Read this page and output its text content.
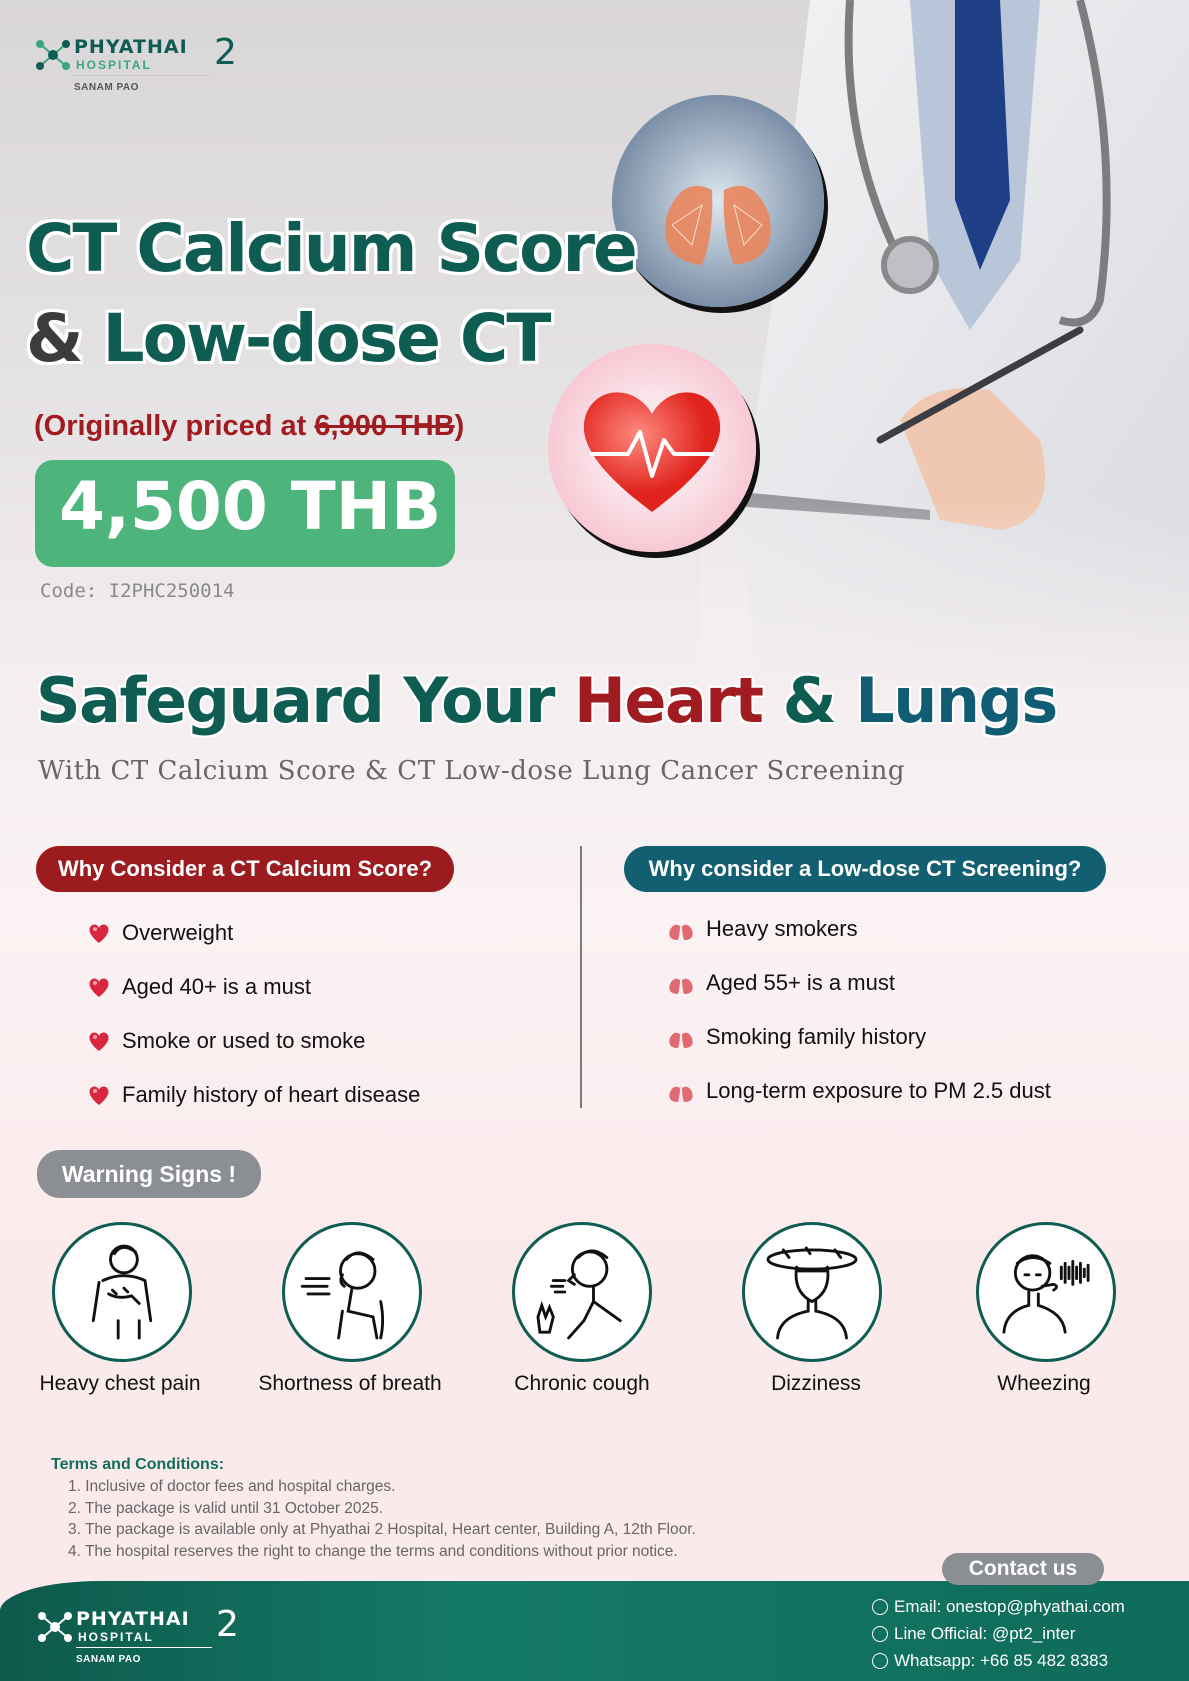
PHYATHAI
HOSPITAL 2
SANAM PAO
CT Calcium Score
& Low-dose CT
(Originally priced at 6,900 THB)
4,500 THB
Code: I2PHC250014
Safeguard Your Heart & Lungs
With CT Calcium Score & CT Low-dose Lung Cancer Screening
Why Consider a CT Calcium Score?	Why consider a Low-dose CT Screening?
Overweight
Aged 40+ is a must
Smoke or used to smoke
Family history of heart disease
Heavy smokers
Aged 55+ is a must
Smoking family history
Long-term exposure to PM 2.5 dust
Warning Signs !
Heavy chest pain	Shortness of breath	Chronic cough	Dizziness	Wheezing
Terms and Conditions:
1. Inclusive of doctor fees and hospital charges.
2. The package is valid until 31 October 2025.
3. The package is available only at Phyathai 2 Hospital, Heart center, Building A, 12th Floor.
4. The hospital reserves the right to change the terms and conditions without prior notice.
Contact us
PHYATHAI
HOSPITAL 2
SANAM PAO
Email: onestop@phyathai.com
Line Official: @pt2_inter
Whatsapp: +66 85 482 8383
